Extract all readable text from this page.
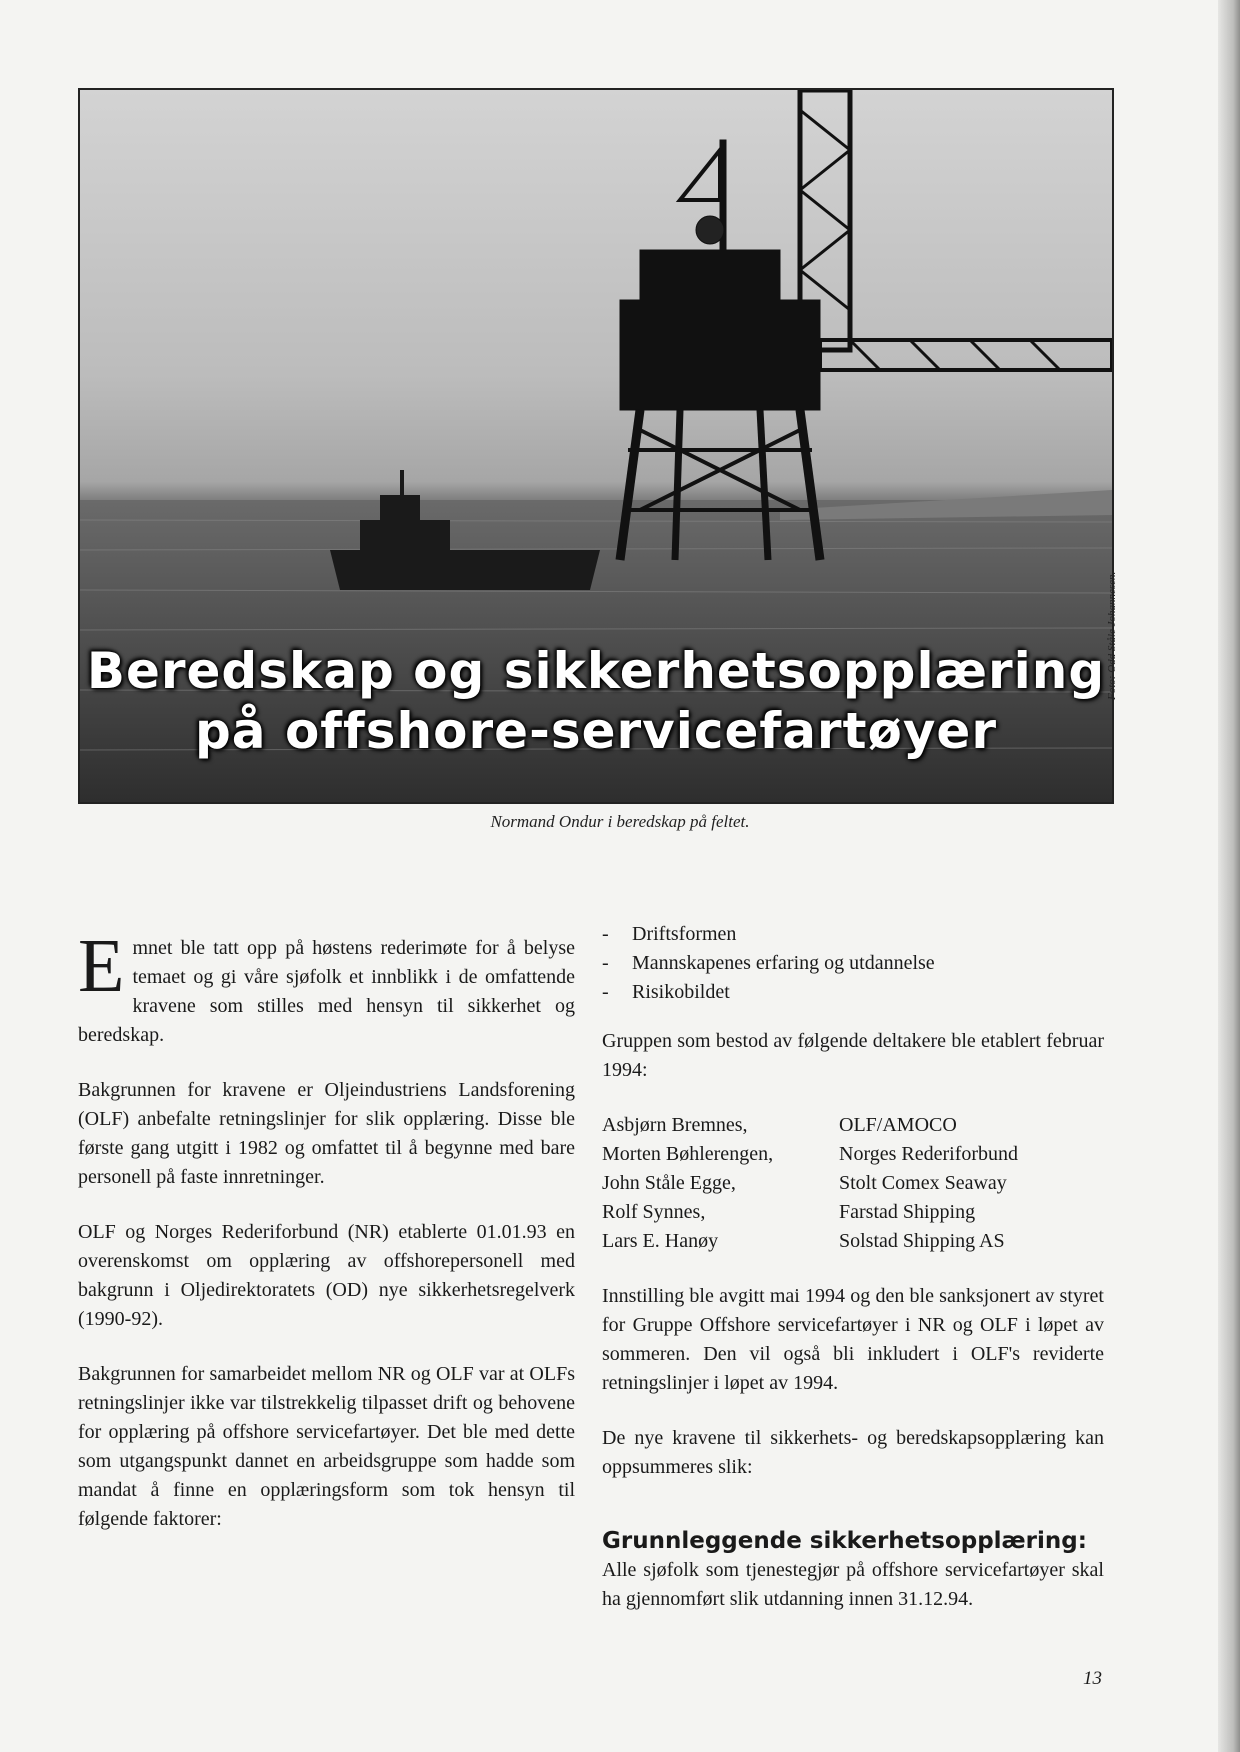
Beredskap og sikkerhetsopplæring
på offshore-servicefartøyer
Foto: Odd Ståle Johannesen.
Normand Ondur i beredskap på feltet.

Emnet ble tatt opp på høstens rederimøte for å belyse temaet og gi våre sjøfolk et innblikk i de omfattende kravene som stilles med hensyn til sikkerhet og beredskap.

Bakgrunnen for kravene er Oljeindustriens Landsforening (OLF) anbefalte retningslinjer for slik opplæring. Disse ble første gang utgitt i 1982 og omfattet til å begynne med bare personell på faste innretninger.

OLF og Norges Rederiforbund (NR) etablerte 01.01.93 en overenskomst om opplæring av offshorepersonell med bakgrunn i Oljedirektoratets (OD) nye sikkerhetsregelverk (1990-92).

Bakgrunnen for samarbeidet mellom NR og OLF var at OLFs retningslinjer ikke var tilstrekkelig tilpasset drift og behovene for opplæring på offshore servicefartøyer. Det ble med dette som utgangspunkt dannet en arbeidsgruppe som hadde som mandat å finne en opplæringsform som tok hensyn til følgende faktorer:

- Driftsformen
- Mannskapenes erfaring og utdannelse
- Risikobildet

Gruppen som bestod av følgende deltakere ble etablert februar 1994:

Asbjørn Bremnes,	OLF/AMOCO
Morten Bøhlerengen,	Norges Rederiforbund
John Ståle Egge,	Stolt Comex Seaway
Rolf Synnes,	Farstad Shipping
Lars E. Hanøy	Solstad Shipping AS

Innstilling ble avgitt mai 1994 og den ble sanksjonert av styret for Gruppe Offshore servicefartøyer i NR og OLF i løpet av sommeren. Den vil også bli inkludert i OLF's reviderte retningslinjer i løpet av 1994.

De nye kravene til sikkerhets- og beredskapsopplæring kan oppsummeres slik:

Grunnleggende sikkerhetsopplæring:

Alle sjøfolk som tjenestegjør på offshore servicefartøyer skal ha gjennomført slik utdanning innen 31.12.94.

13
